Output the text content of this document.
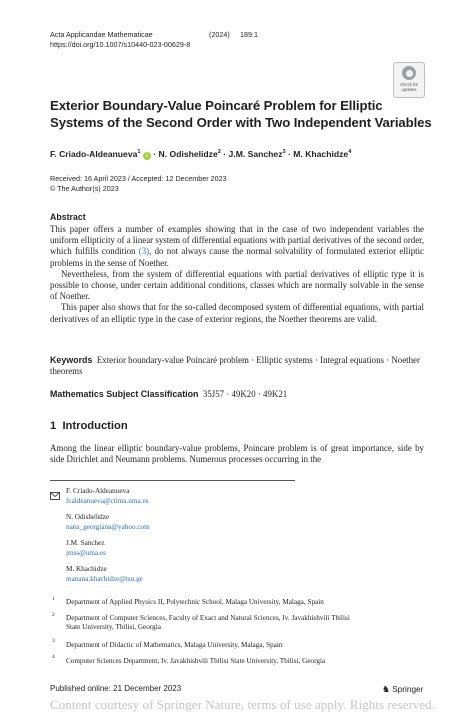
Acta Applicandae Mathematicae	(2024) 189:1
https://doi.org/10.1007/s10440-023-00629-8
Check for updates
Exterior Boundary-Value Poincaré Problem for Elliptic
Systems of the Second Order with Two Independent Variables
F. Criado-Aldeanueva$^1$ i · N. Odishelidze$^2$ · J.M. Sanchez$^3$ · M. Khachidze$^4$
Received: 16 April 2023 / Accepted: 12 December 2023
© The Author(s) 2023
Abstract

This paper offers a number of examples showing that in the case of two independent variables the uniform ellipticity of a linear system of differential equations with partial derivatives of the second order, which fulfills condition (3), do not always cause the normal solvability of formulated exterior elliptic problems in the sense of Noether.

Nevertheless, from the system of differential equations with partial derivatives of elliptic type it is possible to choose, under certain additional conditions, classes which are normally solvable in the sense of Noether.

This paper also shows that for the so-called decomposed system of differential equations, with partial derivatives of an elliptic type in the case of exterior regions, the Noether theorems are valid.

Keywords Exterior boundary-value Poincaré problem · Elliptic systems · Integral equations · Noether theorems
Mathematics Subject Classification 35J57 · 49K20 · 49K21
1  Introduction
Among the linear elliptic boundary-value problems, Poincare problem is of great importance, side by side Dirichlet and Neumann problems. Numerous processes occurring in the
F. Criado-Aldeanueva
fcaldeanueva@ctima.uma.es
N. Odishelidze
nana_georgiana@yahoo.com
J.M. Sanchez
jmss@uma.es
M. Khachidze
manana.khachidze@tsu.ge
1 Department of Applied Physics II, Polytechnic School, Malaga University, Malaga, Spain
2 Department of Computer Sciences, Faculty of Exact and Natural Sciences, Iv. Javakhishvili Tbilisi
State University, Tbilisi, Georgia
3 Department of Didactic of Mathematics, Malaga University, Malaga, Spain
4 Computer Sciences Department, Iv. Javakhishvili Tbilisi State University, Tbilisi, Georgia
Published online: 21 December 2023	♞ Springer
Content courtesy of Springer Nature, terms of use apply. Rights reserved.
